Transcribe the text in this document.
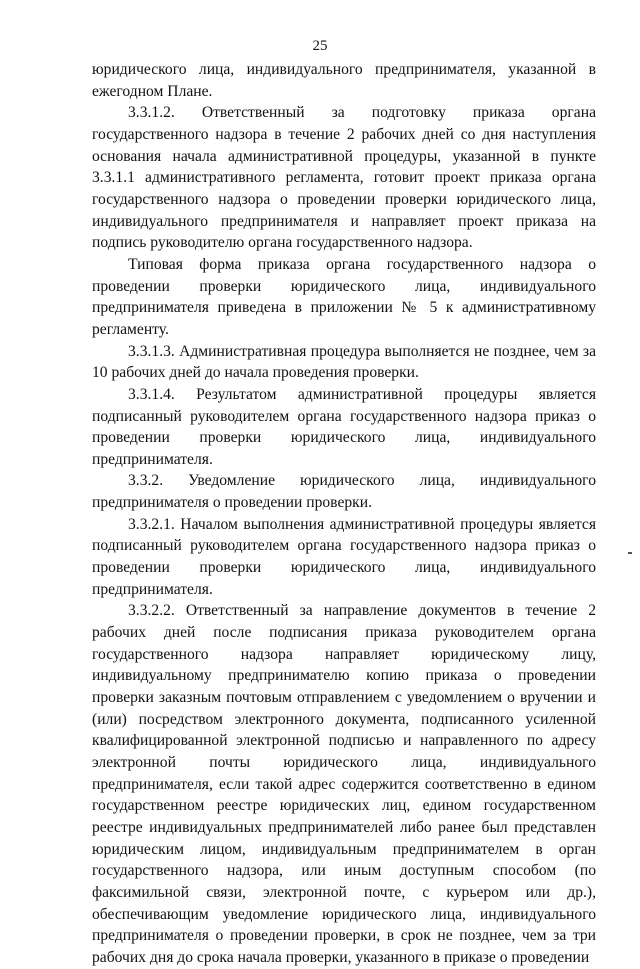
25

юридического лица, индивидуального предпринимателя, указанной в ежегодном Плане.

3.3.1.2. Ответственный за подготовку приказа органа государственного надзора в течение 2 рабочих дней со дня наступления основания начала административной процедуры, указанной в пункте 3.3.1.1 административного регламента, готовит проект приказа органа государственного надзора о проведении проверки юридического лица, индивидуального предпринимателя и направляет проект приказа на подпись руководителю органа государственного надзора.

Типовая форма приказа органа государственного надзора о проведении проверки юридического лица, индивидуального предпринимателя приведена в приложении № 5 к административному регламенту.

3.3.1.3. Административная процедура выполняется не позднее, чем за 10 рабочих дней до начала проведения проверки.

3.3.1.4. Результатом административной процедуры является подписанный руководителем органа государственного надзора приказ о проведении проверки юридического лица, индивидуального предпринимателя.

3.3.2. Уведомление юридического лица, индивидуального предпринимателя о проведении проверки.

3.3.2.1. Началом выполнения административной процедуры является подписанный руководителем органа государственного надзора приказ о проведении проверки юридического лица, индивидуального предпринимателя.

3.3.2.2. Ответственный за направление документов в течение 2 рабочих дней после подписания приказа руководителем органа государственного надзора направляет юридическому лицу, индивидуальному предпринимателю копию приказа о проведении проверки заказным почтовым отправлением с уведомлением о вручении и (или) посредством электронного документа, подписанного усиленной квалифицированной электронной подписью и направленного по адресу электронной почты юридического лица, индивидуального предпринимателя, если такой адрес содержится соответственно в едином государственном реестре юридических лиц, едином государственном реестре индивидуальных предпринимателей либо ранее был представлен юридическим лицом, индивидуальным предпринимателем в орган государственного надзора, или иным доступным способом (по факсимильной связи, электронной почте, с курьером или др.), обеспечивающим уведомление юридического лица, индивидуального предпринимателя о проведении проверки, в срок не позднее, чем за три рабочих дня до срока начала проверки, указанного в приказе о проведении
